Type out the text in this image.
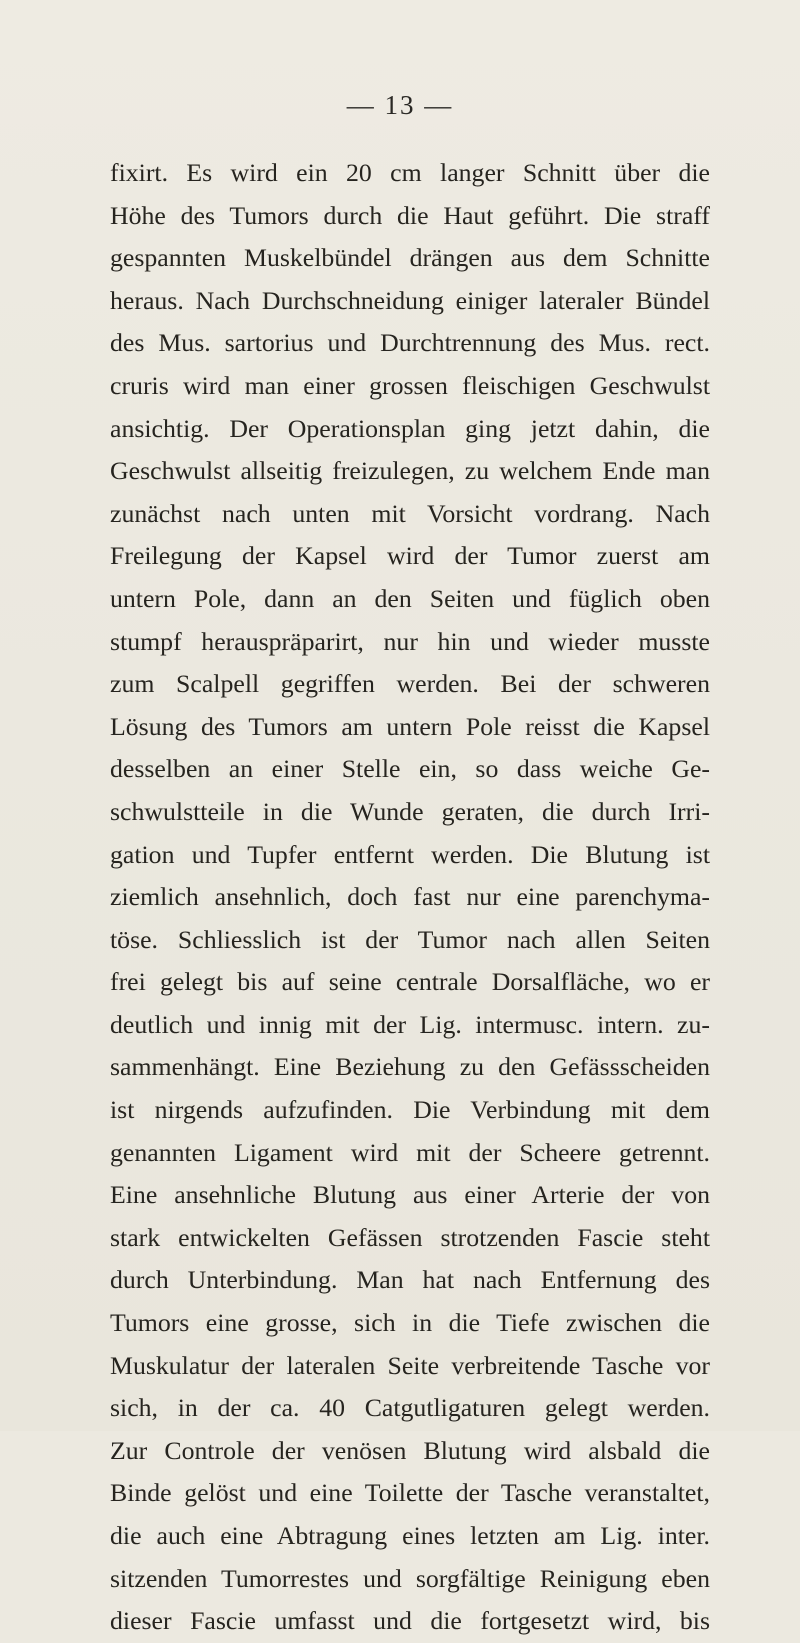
— 13 —
fixirt. Es wird ein 20 cm langer Schnitt über die
Höhe des Tumors durch die Haut geführt. Die straff
gespannten Muskelbündel drängen aus dem Schnitte
heraus. Nach Durchschneidung einiger lateraler Bündel
des Mus. sartorius und Durchtrennung des Mus. rect.
cruris wird man einer grossen fleischigen Geschwulst
ansichtig. Der Operationsplan ging jetzt dahin, die
Geschwulst allseitig freizulegen, zu welchem Ende man
zunächst nach unten mit Vorsicht vordrang. Nach
Freilegung der Kapsel wird der Tumor zuerst am
untern Pole, dann an den Seiten und füglich oben
stumpf herauspräparirt, nur hin und wieder musste
zum Scalpell gegriffen werden. Bei der schweren
Lösung des Tumors am untern Pole reisst die Kapsel
desselben an einer Stelle ein, so dass weiche Ge-
schwulstteile in die Wunde geraten, die durch Irri-
gation und Tupfer entfernt werden. Die Blutung ist
ziemlich ansehnlich, doch fast nur eine parenchyma-
töse. Schliesslich ist der Tumor nach allen Seiten
frei gelegt bis auf seine centrale Dorsalfläche, wo er
deutlich und innig mit der Lig. intermusc. intern. zu-
sammenhängt. Eine Beziehung zu den Gefässscheiden
ist nirgends aufzufinden. Die Verbindung mit dem
genannten Ligament wird mit der Scheere getrennt.
Eine ansehnliche Blutung aus einer Arterie der von
stark entwickelten Gefässen strotzenden Fascie steht
durch Unterbindung. Man hat nach Entfernung des
Tumors eine grosse, sich in die Tiefe zwischen die
Muskulatur der lateralen Seite verbreitende Tasche vor
sich, in der ca. 40 Catgutligaturen gelegt werden.
Zur Controle der venösen Blutung wird alsbald die
Binde gelöst und eine Toilette der Tasche veranstaltet,
die auch eine Abtragung eines letzten am Lig. inter.
sitzenden Tumorrestes und sorgfältige Reinigung eben
dieser Fascie umfasst und die fortgesetzt wird, bis
